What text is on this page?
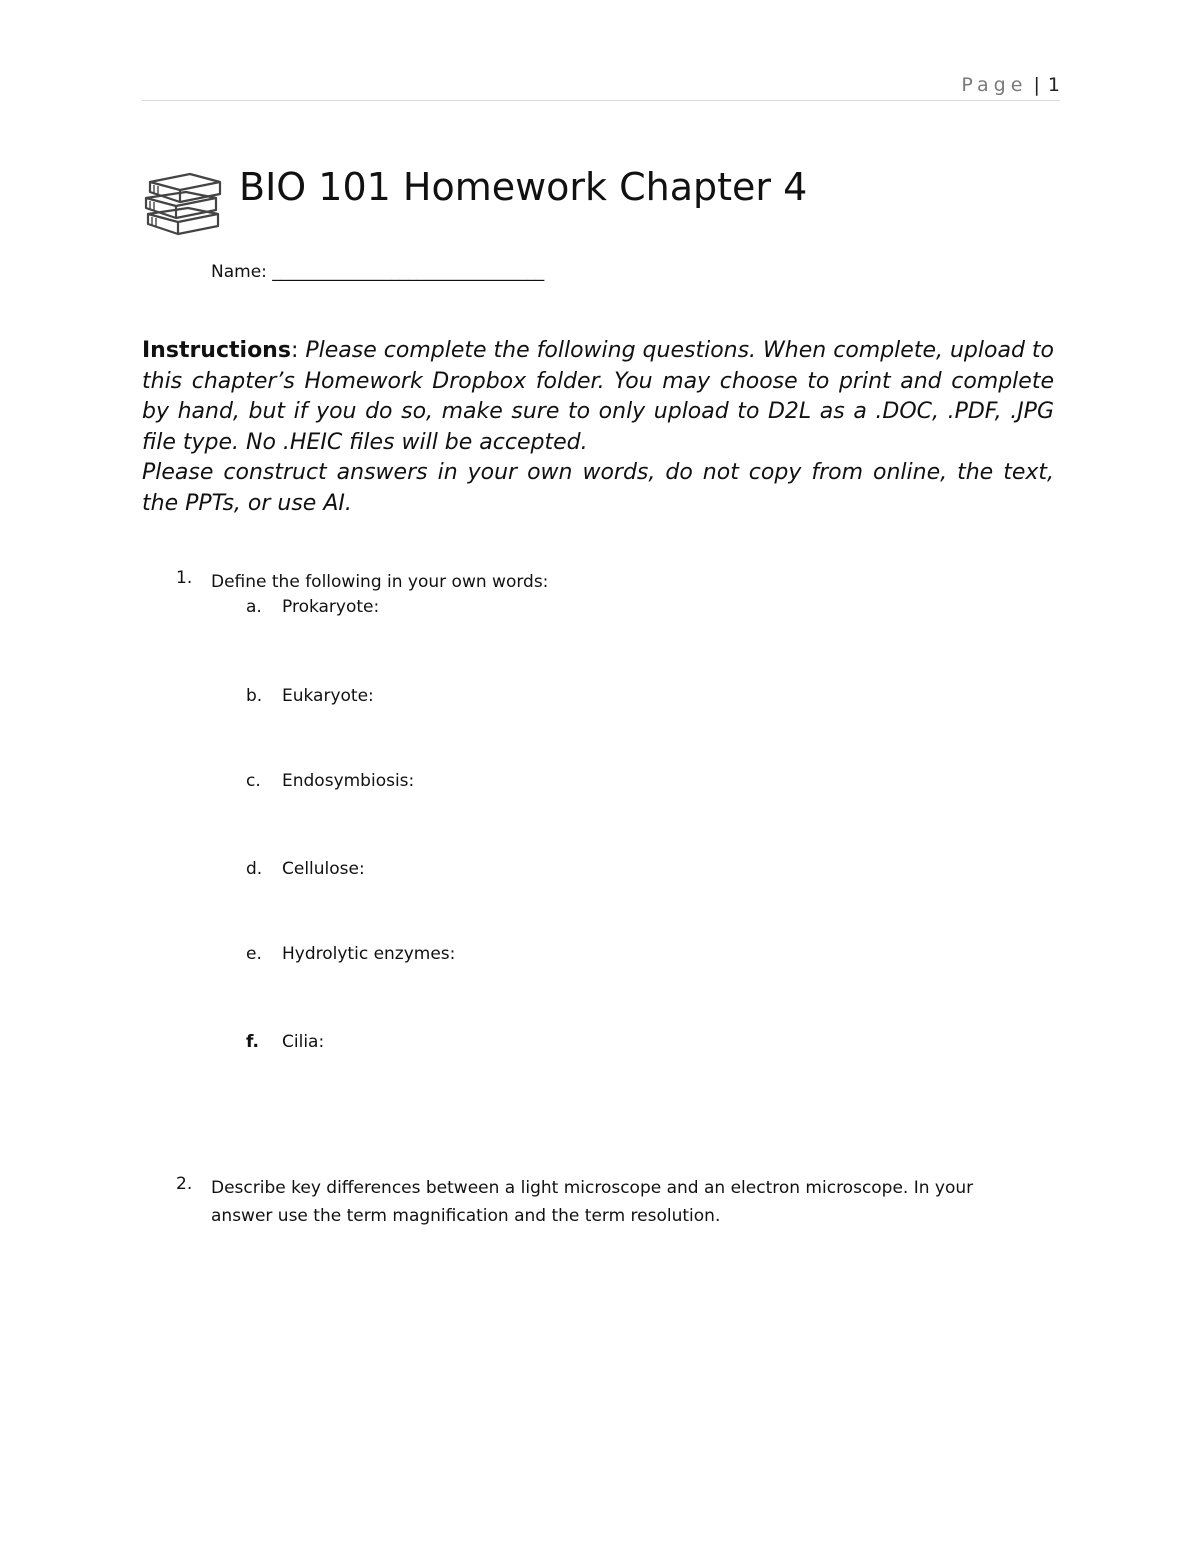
Page | 1
BIO 101 Homework Chapter 4
Name: ________________________________

Instructions: Please complete the following questions. When complete, upload to this chapter’s Homework Dropbox folder. You may choose to print and complete by hand, but if you do so, make sure to only upload to D2L as a .DOC, .PDF, .JPG file type. No .HEIC files will be accepted.

Please construct answers in your own words, do not copy from online, the text, the PPTs, or use AI.

1.	Define the following in your own words:
a.	Prokaryote:
b.	Eukaryote:
c.	Endosymbiosis:
d.	Cellulose:
e.	Hydrolytic enzymes:
f.	Cilia:
2.	Describe key differences between a light microscope and an electron microscope. In your answer use the term magnification and the term resolution.
